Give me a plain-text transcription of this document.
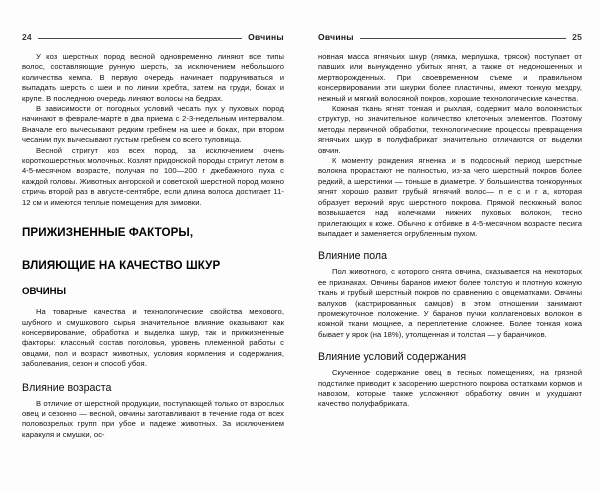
24	Овчины

У коз шерстных пород весной одновременно линяют все типы волос, составляющие рунную шерсть, за исключением небольшого количества кемпа. В первую очередь начинает подруниваться и выпадать шерсть с шеи и по линии хребта, затем на груди, боках и крупе. В последнюю очередь линяют волосы на бедрах.

В зависимости от погодных условий чесать пух у пуховых пород начинают в феврале-марте в два приема с 2-3-недельным интервалом. Вначале его вычесывают редким гребнем на шее и боках, при втором чесании пух вычесывают густым гребнем со всего туловища.

Весной стригут коз всех пород, за исключением очень короткошерстных молочных. Козлят придонской породы стригут летом в 4-5-месячном возрасте, получая по 100—200 г джебажного пуха с каждой головы. Животных ангорской и советской шерстной пород можно стричь второй раз в августе-сентябре, если длина волоса достигает 11-12 см и имеются теплые помещения для зимовки.

ПРИЖИЗНЕННЫЕ ФАКТОРЫ,
ВЛИЯЮЩИЕ НА КАЧЕСТВО ШКУР
ОВЧИНЫ

На товарные качества и технологические свойства мехового, шубного и смушкового сырья значительное влияние оказывают как консервирование, обработка и выделка шкур, так и прижизненные факторы: классный состав поголовья, уровень племенной работы с овцами, пол и возраст животных, условия кормления и содержания, заболевания, сезон и способ убоя.

Влияние возраста

В отличие от шерстной продукции, поступающей только от взрослых овец и сезонно — весной, овчины заготавливают в течение года от всех половозрелых групп при убое и падеже животных. За исключением каракуля и смушки, ос-

Овчины	25

новная масса ягнячьих шкур (лямка, мерлушка, трясок) поступает от павших или вынужденно убитых ягнят, а также от недоношенных и мертворожденных. При своевременном съеме и правильном консервировании эти шкурки более пластичны, имеют тонкую мездру, нежный и мягкий волосяной покров, хорошие технологические качества.

Кожная ткань ягнят тонкая и рыхлая, содержит мало волокнистых структур, но значительное количество клеточных элементов. Поэтому методы первичной обработки, технологические процессы превращения ягнячьих шкур в полуфабрикат значительно отличаются от выделки овчин.

К моменту рождения ягненка и в подсосный период шерстные волокна прорастают не полностью, из-за чего шерстный покров более редкий, а шерстинки — тоньше в диаметре. У большинства тонкорунных ягнят хорошо развит грубый ягнячий волос— п е с и г а, которая образует верхний ярус шерстного покрова. Прямой песюжный волос возвышается над колечками нижних пуховых волокон, тесно прилегающих к коже. Обычно к отбивке в 4-5-месячном возрасте песига выпадает и заменяется огрубленным пухом.

Влияние пола

Пол животного, с которого снята овчина, сказывается на некоторых ее признаках. Овчины баранов имеют более толстую и плотную кожную ткань и грубый шерстный покров по сравнению с овцематками. Овчины валухов (кастрированных самцов) в этом отношении занимают промежуточное положение. У баранов пучки коллагеновых волокон в кожной ткани мощнее, а переплетение сложнее. Более тонкая кожа бывает у ярок (на 18%), утолщенная и толстая — у баранчиков.

Влияние условий содержания

Скученное содержание овец в тесных помещениях, на грязной подстилке приводит к засорению шерстного покрова остатками кормов и навозом, которые также усложняют обработку овчин и ухудшают качество полуфабриката.
